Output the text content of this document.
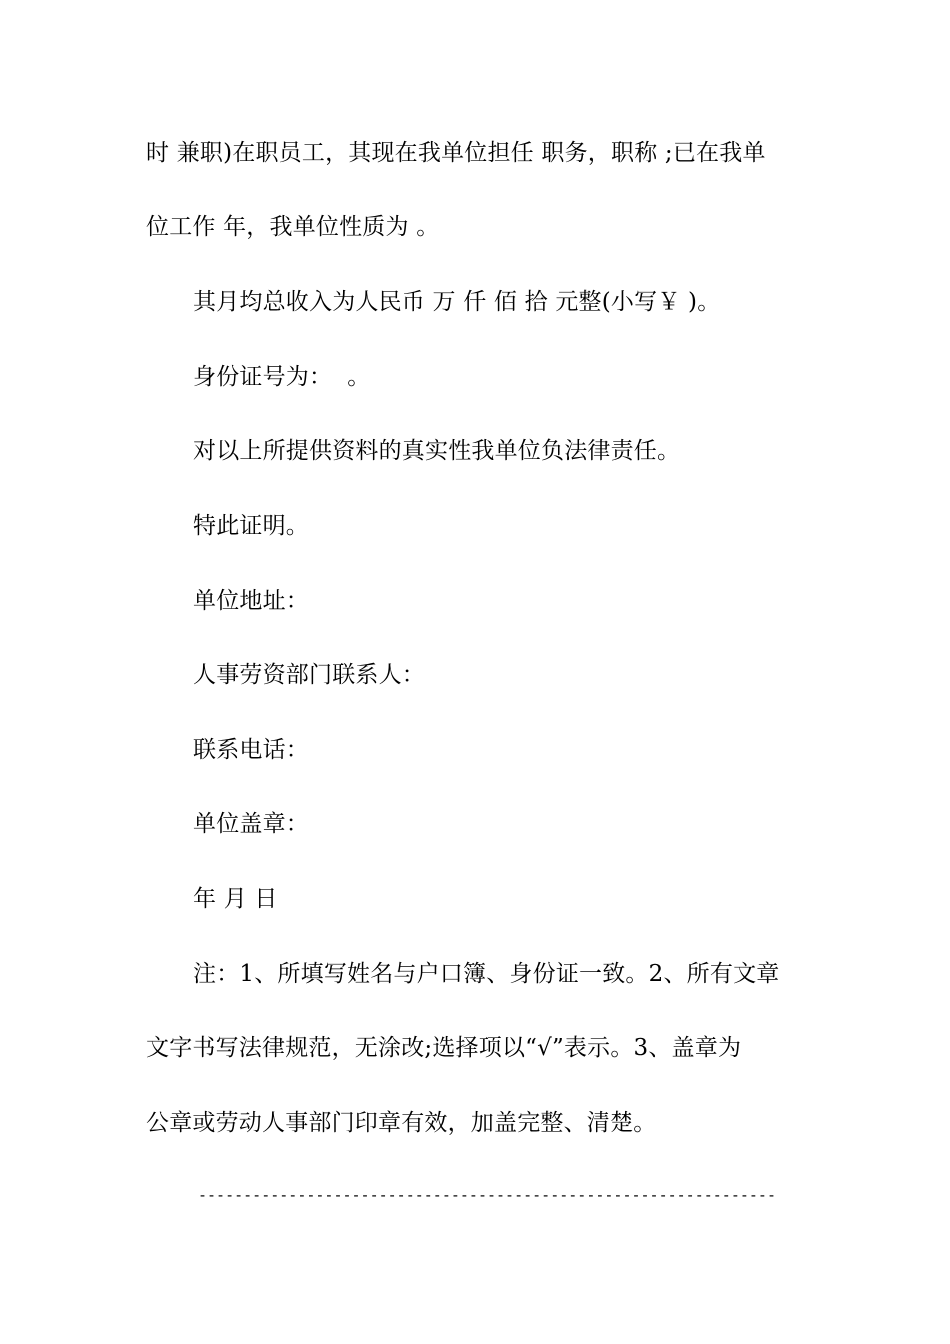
时 兼职)在职员工，其现在我单位担任 职务，职称 ;已在我单
位工作 年，我单位性质为 。
其月均总收入为人民币 万 仟 佰 拾 元整(小写￥ )。
身份证号为：  。
对以上所提供资料的真实性我单位负法律责任。
特此证明。
单位地址：
人事劳资部门联系人：
联系电话：
单位盖章：
年 月 日
注：1、所填写姓名与户口簿、身份证一致。2、所有文章
文字书写法律规范，无涂改;选择项以“√”表示。3、盖章为
公章或劳动人事部门印章有效，加盖完整、清楚。
----------------------------------------------------------------
